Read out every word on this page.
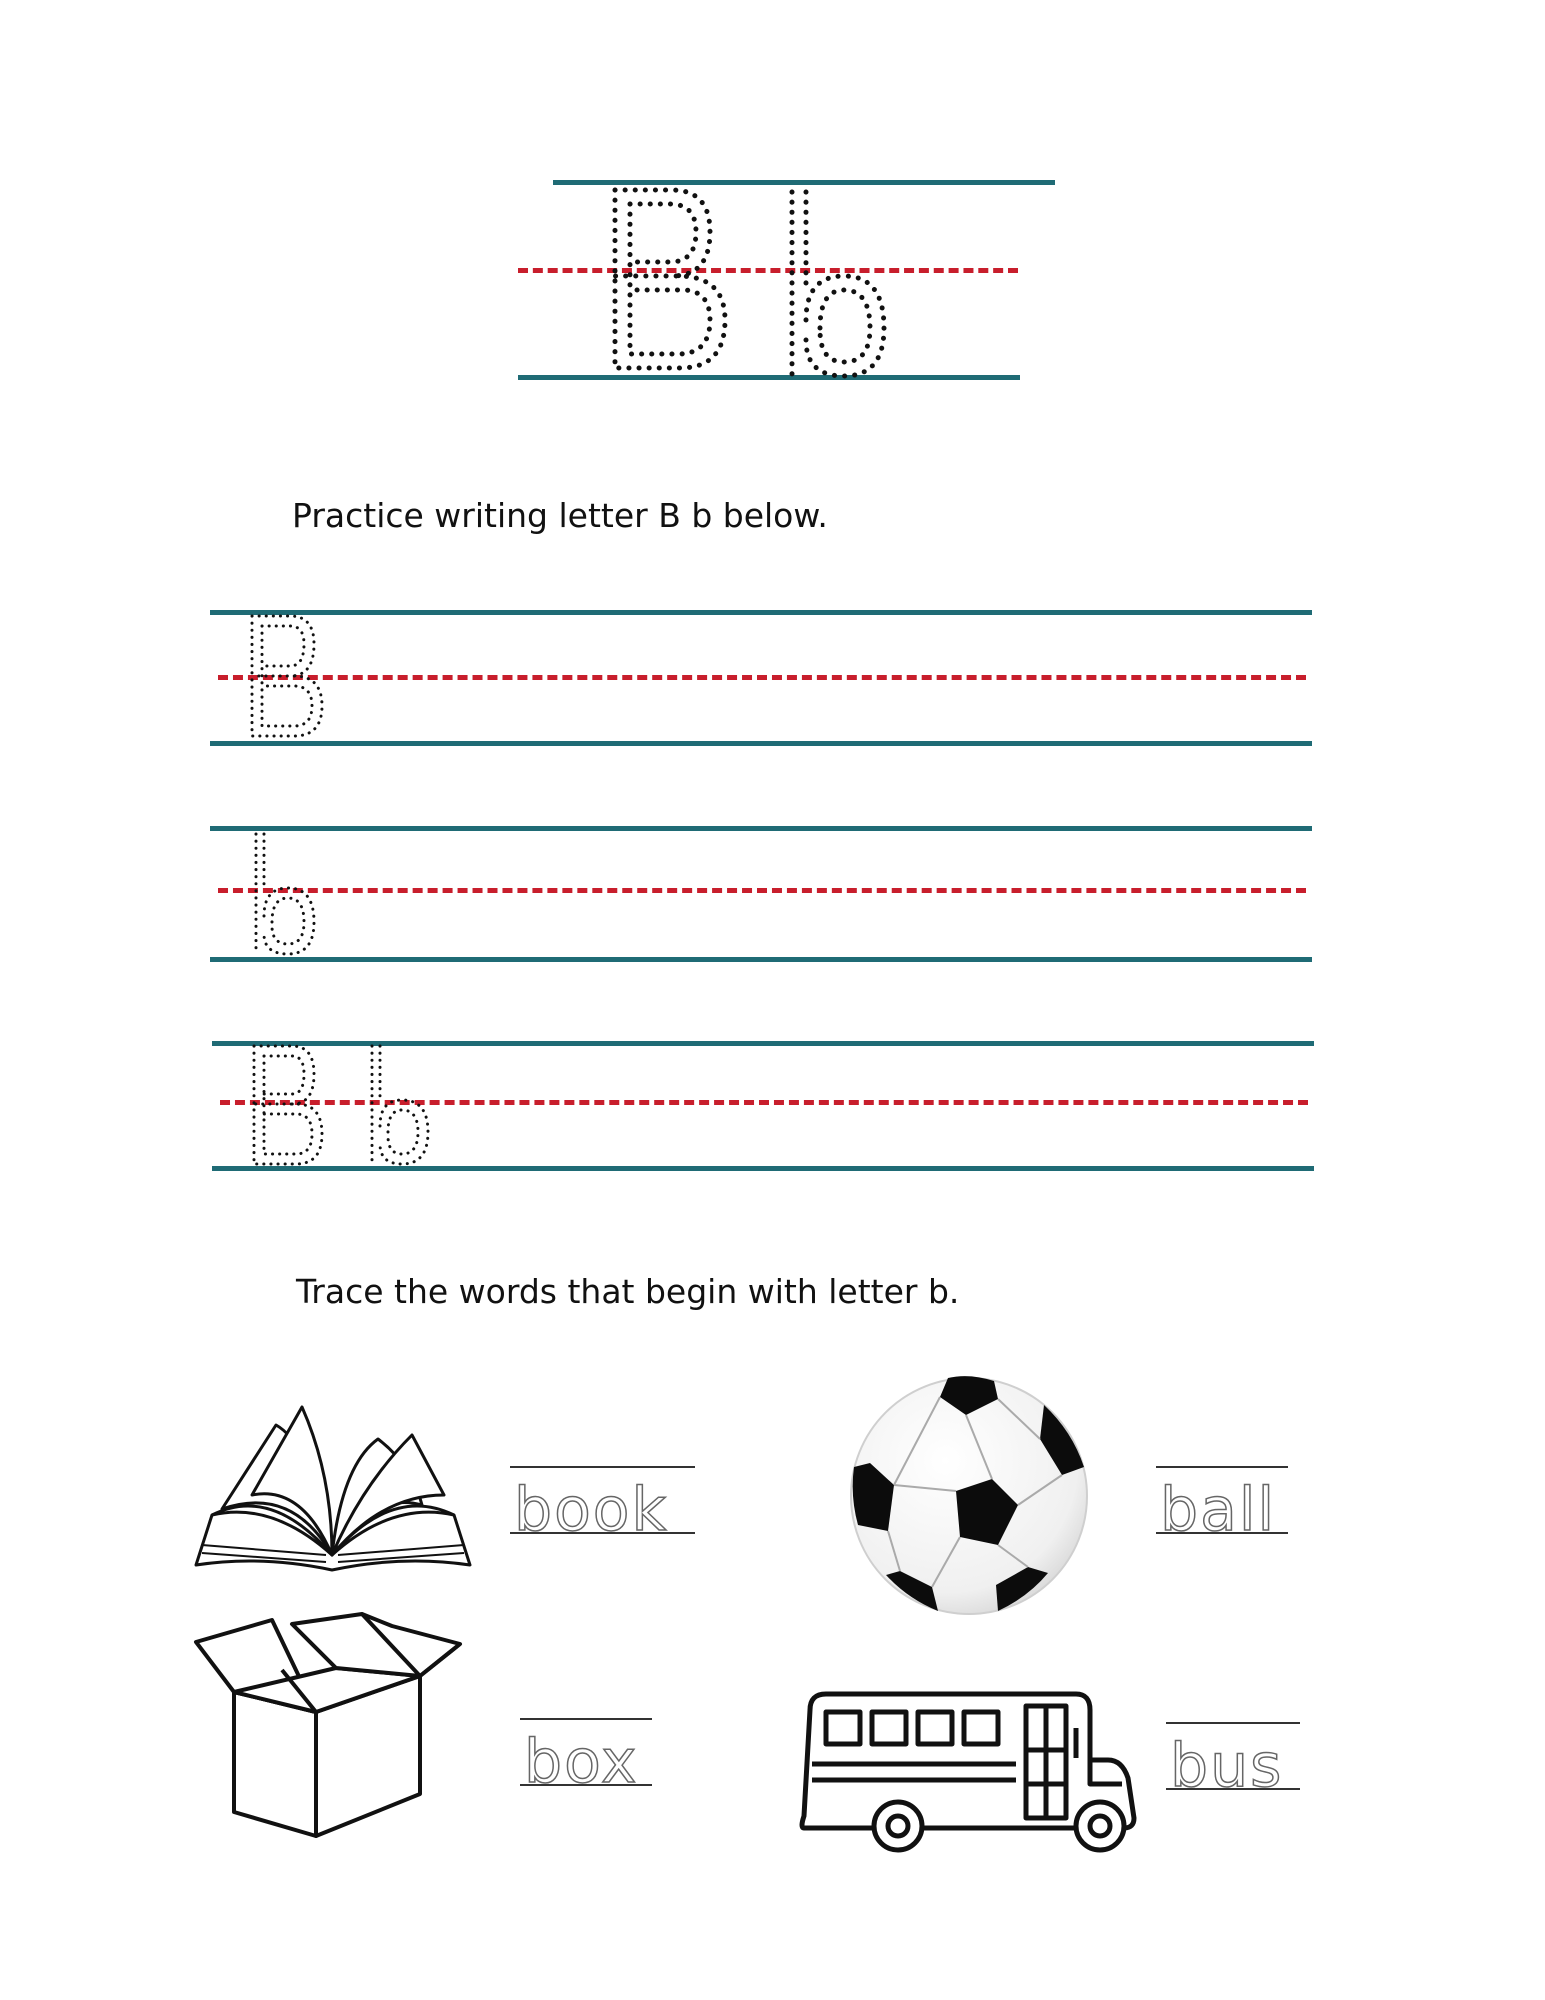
Practice writing letter B b below.
Trace the words that begin with letter b.
book	ball
box	bus
